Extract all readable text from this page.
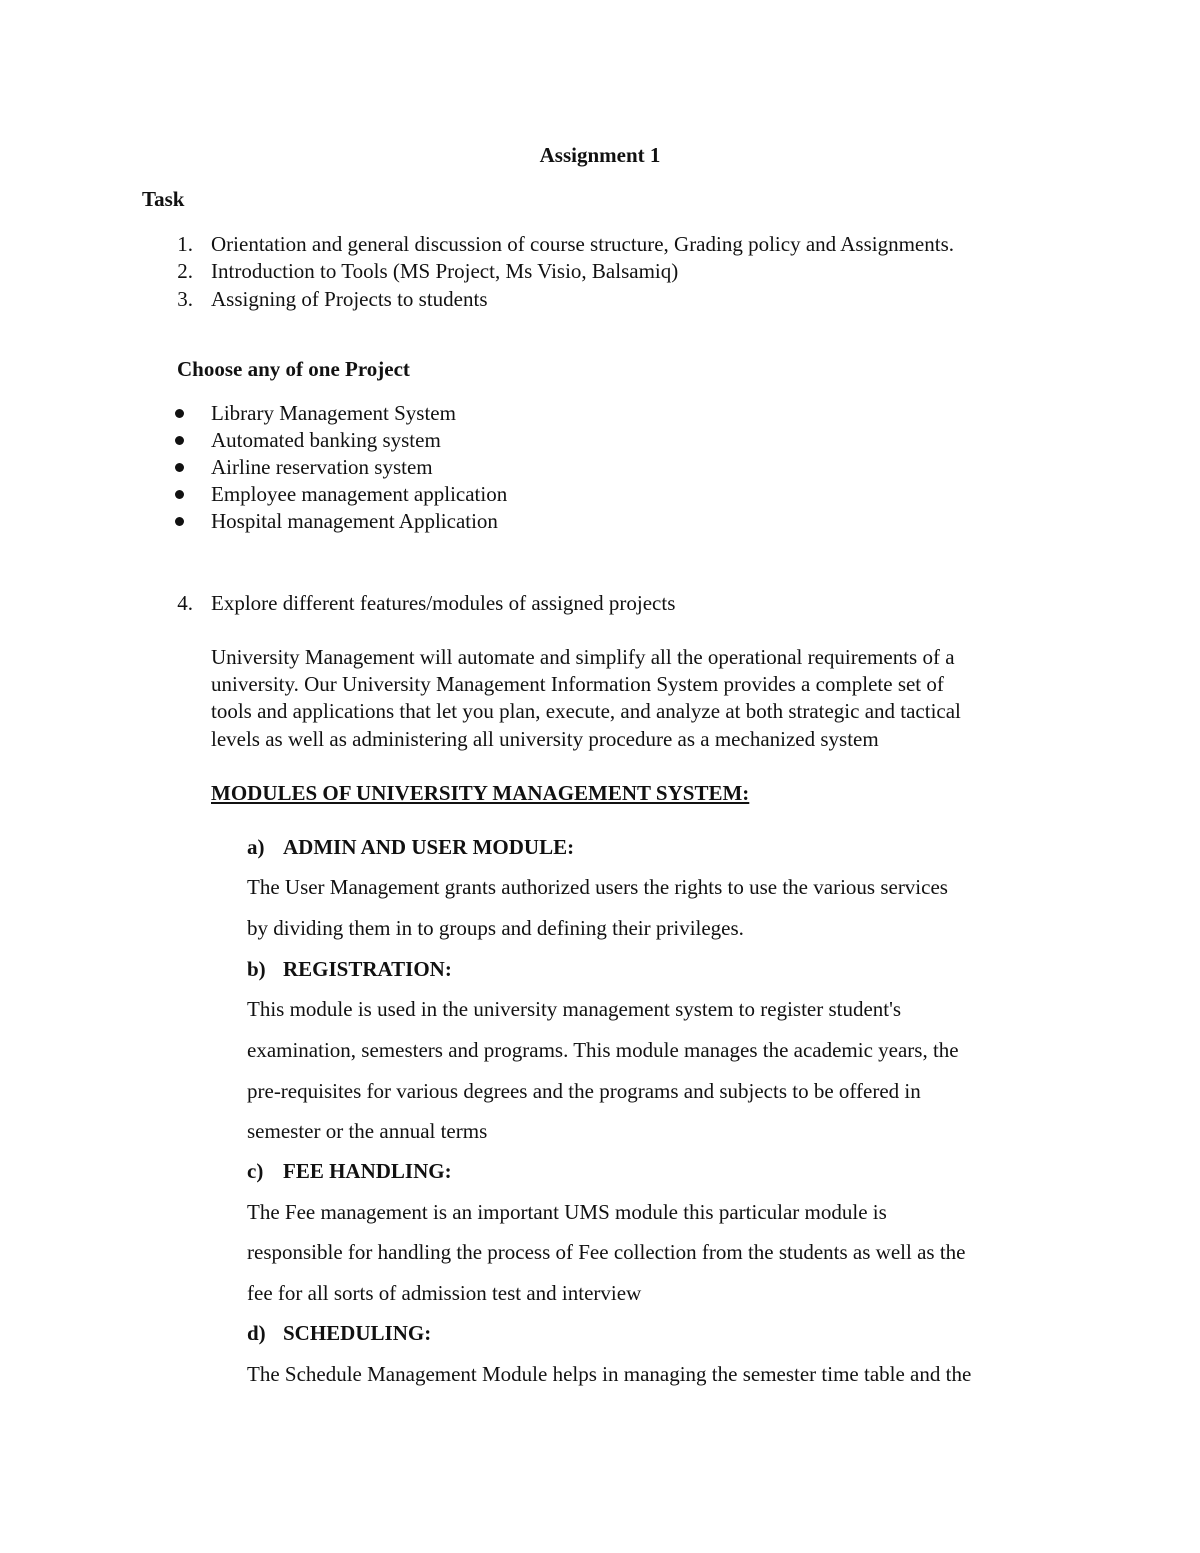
Assignment 1
Task
1. Orientation and general discussion of course structure, Grading policy and Assignments.
2. Introduction to Tools (MS Project, Ms Visio, Balsamiq)
3. Assigning of Projects to students
Choose any of one Project
Library Management System
Automated banking system
Airline reservation system
Employee management application
Hospital management Application
4. Explore different features/modules of assigned projects
University Management will automate and simplify all the operational requirements of a
university. Our University Management Information System provides a complete set of
tools and applications that let you plan, execute, and analyze at both strategic and tactical
levels as well as administering all university procedure as a mechanized system
MODULES OF UNIVERSITY MANAGEMENT SYSTEM:
a) ADMIN AND USER MODULE:
The User Management grants authorized users the rights to use the various services
by dividing them in to groups and defining their privileges.
b) REGISTRATION:
This module is used in the university management system to register student's
examination, semesters and programs. This module manages the academic years, the
pre-requisites for various degrees and the programs and subjects to be offered in
semester or the annual terms
c) FEE HANDLING:
The Fee management is an important UMS module this particular module is
responsible for handling the process of Fee collection from the students as well as the
fee for all sorts of admission test and interview
d) SCHEDULING:
The Schedule Management Module helps in managing the semester time table and the
